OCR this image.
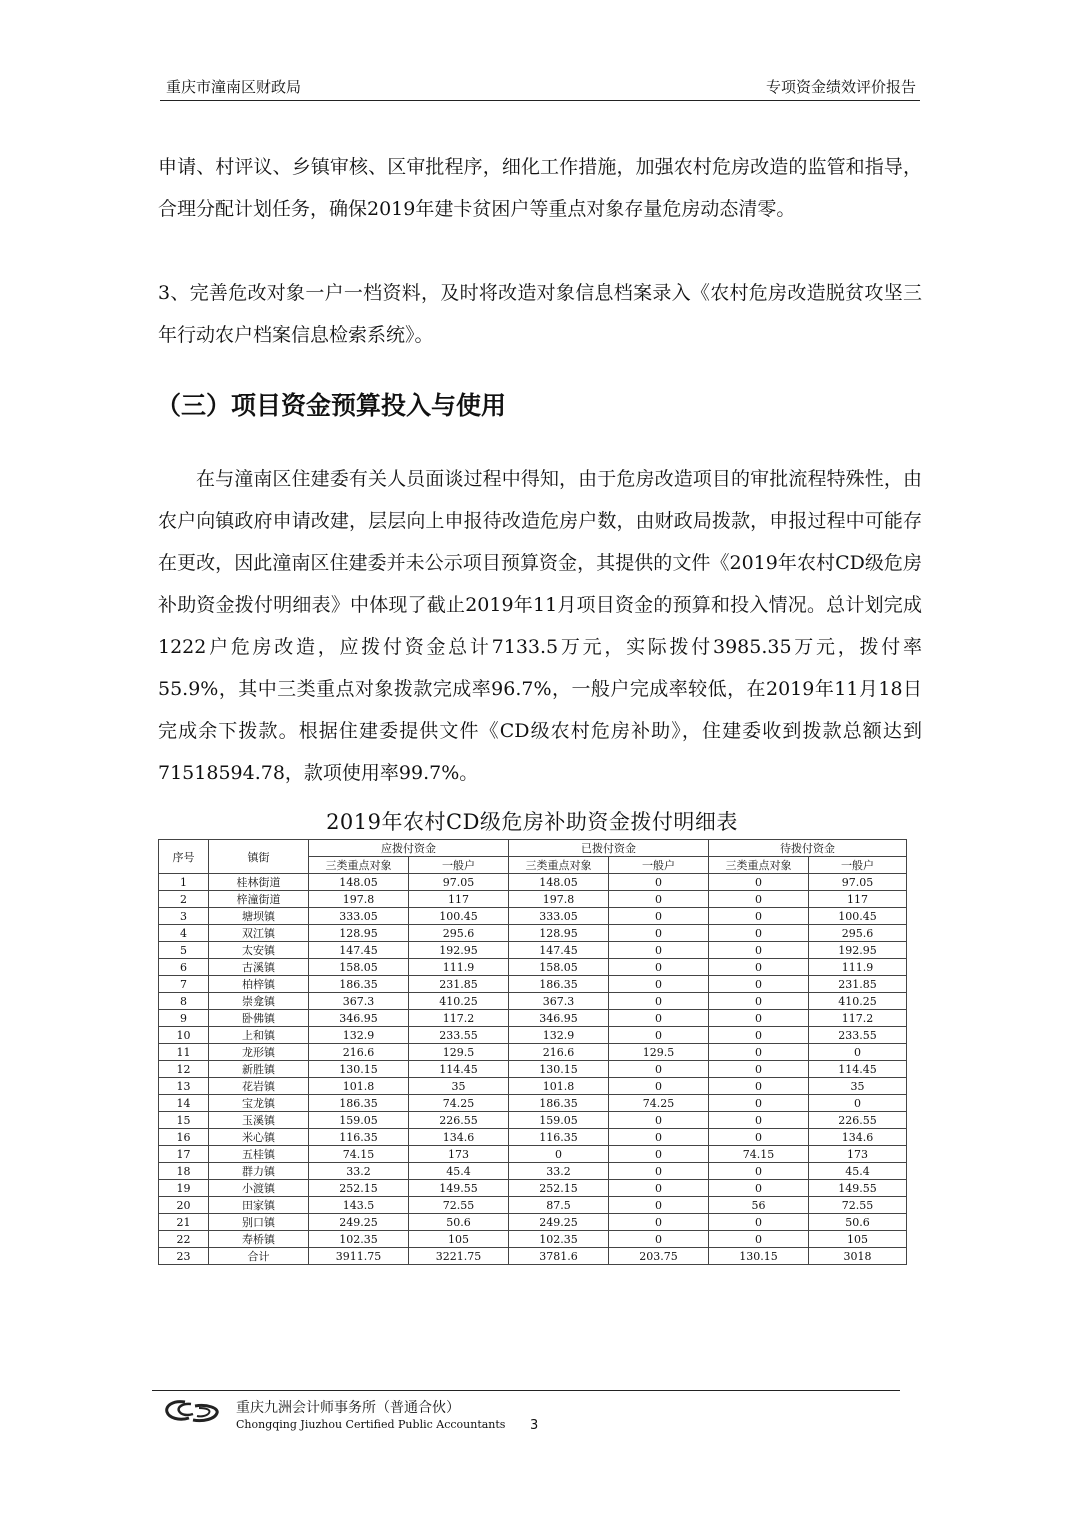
重庆市潼南区财政局	专项资金绩效评价报告

申请、村评议、乡镇审核、区审批程序，细化工作措施，加强农村危房改造的监管和指导，合理分配计划任务，确保2019年建卡贫困户等重点对象存量危房动态清零。

3、完善危改对象一户一档资料，及时将改造对象信息档案录入《农村危房改造脱贫攻坚三年行动农户档案信息检索系统》。

（三）项目资金预算投入与使用

在与潼南区住建委有关人员面谈过程中得知，由于危房改造项目的审批流程特殊性，由农户向镇政府申请改建，层层向上申报待改造危房户数，由财政局拨款，申报过程中可能存在更改，因此潼南区住建委并未公示项目预算资金，其提供的文件《2019年农村CD级危房补助资金拨付明细表》中体现了截止2019年11月项目资金的预算和投入情况。总计划完成1222户危房改造，应拨付资金总计7133.5万元，实际拨付3985.35万元，拨付率55.9%，其中三类重点对象拨款完成率96.7%，一般户完成率较低，在2019年11月18日完成余下拨款。根据住建委提供文件《CD级农村危房补助》，住建委收到拨款总额达到71518594.78，款项使用率99.7%。

2019年农村CD级危房补助资金拨付明细表

序号	镇街	应拨付资金		已拨付资金		待拨付资金	
		三类重点对象	一般户	三类重点对象	一般户	三类重点对象	一般户
1	桂林街道	148.05	97.05	148.05	0	0	97.05
2	梓潼街道	197.8	117	197.8	0	0	117
3	塘坝镇	333.05	100.45	333.05	0	0	100.45
4	双江镇	128.95	295.6	128.95	0	0	295.6
5	太安镇	147.45	192.95	147.45	0	0	192.95
6	古溪镇	158.05	111.9	158.05	0	0	111.9
7	柏梓镇	186.35	231.85	186.35	0	0	231.85
8	崇龛镇	367.3	410.25	367.3	0	0	410.25
9	卧佛镇	346.95	117.2	346.95	0	0	117.2
10	上和镇	132.9	233.55	132.9	0	0	233.55
11	龙形镇	216.6	129.5	216.6	129.5	0	0
12	新胜镇	130.15	114.45	130.15	0	0	114.45
13	花岩镇	101.8	35	101.8	0	0	35
14	宝龙镇	186.35	74.25	186.35	74.25	0	0
15	玉溪镇	159.05	226.55	159.05	0	0	226.55
16	米心镇	116.35	134.6	116.35	0	0	134.6
17	五桂镇	74.15	173	0	0	74.15	173
18	群力镇	33.2	45.4	33.2	0	0	45.4
19	小渡镇	252.15	149.55	252.15	0	0	149.55
20	田家镇	143.5	72.55	87.5	0	56	72.55
21	别口镇	249.25	50.6	249.25	0	0	50.6
22	寿桥镇	102.35	105	102.35	0	0	105
23	合计	3911.75	3221.75	3781.6	203.75	130.15	3018
重庆九洲会计师事务所（普通合伙）
Chongqing Jiuzhou Certified Public Accountants 3
